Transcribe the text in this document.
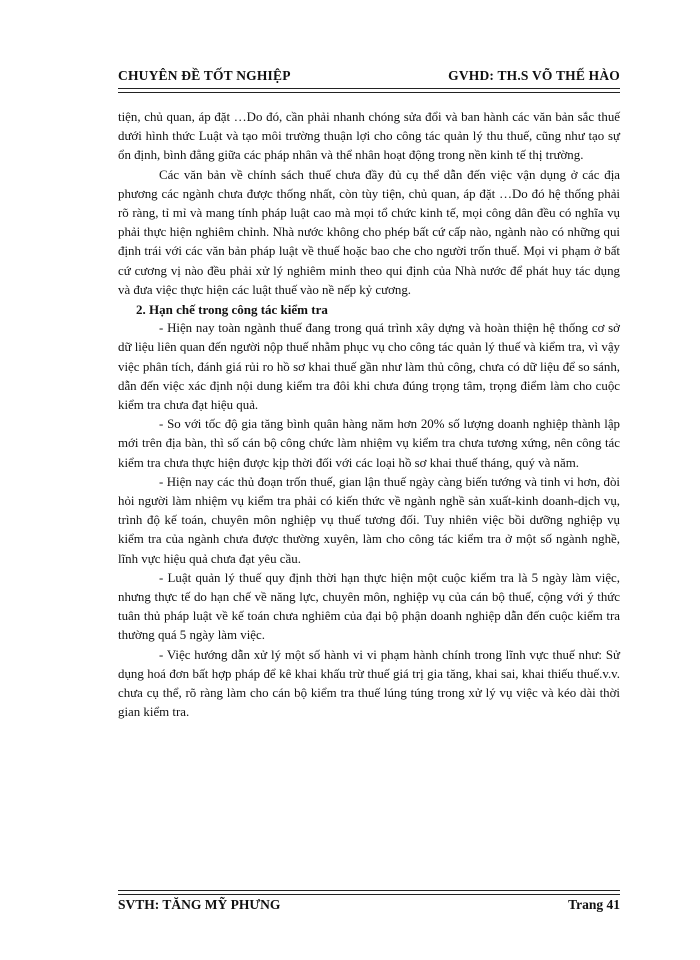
CHUYÊN ĐỀ TỐT NGHIỆP	GVHD: TH.S VÕ THẾ HÀO

tiện, chủ quan, áp đặt …Do đó, cần phải nhanh chóng sửa đổi và ban hành các văn bản sắc thuế dưới hình thức Luật và tạo môi trường thuận lợi cho công tác quản lý thu thuế, cũng như tạo sự ổn định, bình đẳng giữa các pháp nhân và thể nhân hoạt động trong nền kinh tế thị trường.

Các văn bản về chính sách thuế chưa đầy đủ cụ thể dẫn đến việc vận dụng ở các địa phương các ngành chưa được thống nhất, còn tùy tiện, chủ quan, áp đặt …Do đó hệ thống phải rõ ràng, tỉ mỉ và mang tính pháp luật cao mà mọi tổ chức kinh tế, mọi công dân đều có nghĩa vụ phải thực hiện nghiêm chỉnh. Nhà nước không cho phép bất cứ cấp nào, ngành nào có những qui định trái với các văn bản pháp luật về thuế hoặc bao che cho người trốn thuế. Mọi vi phạm ở bất cứ cương vị nào đều phải xử lý nghiêm minh theo qui định của Nhà nước để phát huy tác dụng và đưa việc thực hiện các luật thuế vào nề nếp kỷ cương.

2. Hạn chế trong công tác kiểm tra

- Hiện nay toàn ngành thuế đang trong quá trình xây dựng và hoàn thiện hệ thống cơ sở dữ liệu liên quan đến người nộp thuế nhằm phục vụ cho công tác quản lý thuế và kiểm tra, vì vậy việc phân tích, đánh giá rủi ro hồ sơ khai thuế gần như làm thủ công, chưa có dữ liệu để so sánh, dẫn đến việc xác định nội dung kiểm tra đôi khi chưa đúng trọng tâm, trọng điểm làm cho cuộc kiểm tra chưa đạt hiệu quả.

- So với tốc độ gia tăng bình quân hàng năm hơn 20% số lượng doanh nghiệp thành lập mới trên địa bàn, thì số cán bộ công chức làm nhiệm vụ kiểm tra chưa tương xứng, nên công tác kiểm tra chưa thực hiện được kịp thời đối với các loại hồ sơ khai thuế tháng, quý và năm.

- Hiện nay các thủ đoạn trốn thuế, gian lận thuế ngày càng biến tướng và tinh vi hơn, đòi hỏi người làm nhiệm vụ kiểm tra phải có kiến thức về ngành nghề sản xuất-kinh doanh-dịch vụ, trình độ kế toán, chuyên môn nghiệp vụ thuế tương đối. Tuy nhiên việc bồi dưỡng nghiệp vụ kiểm tra của ngành chưa được thường xuyên, làm cho công tác kiểm tra ở một số ngành nghề, lĩnh vực hiệu quả chưa đạt yêu cầu.

- Luật quản lý thuế quy định thời hạn thực hiện một cuộc kiểm tra là 5 ngày làm việc, nhưng thực tế do hạn chế về năng lực, chuyên môn, nghiệp vụ của cán bộ thuế, cộng với ý thức tuân thủ pháp luật về kế toán chưa nghiêm của đại bộ phận doanh nghiệp dẫn đến cuộc kiểm tra thường quá 5 ngày làm việc.

- Việc hướng dẫn xử lý một số hành vi vi phạm hành chính trong lĩnh vực thuế như: Sử dụng hoá đơn bất hợp pháp để kê khai khấu trừ thuế giá trị gia tăng, khai sai, khai thiếu thuế.v.v. chưa cụ thể, rõ ràng làm cho cán bộ kiểm tra thuế lúng túng trong xử lý vụ việc và kéo dài thời gian kiểm tra.

SVTH: TĂNG MỸ PHƯNG	Trang 41
